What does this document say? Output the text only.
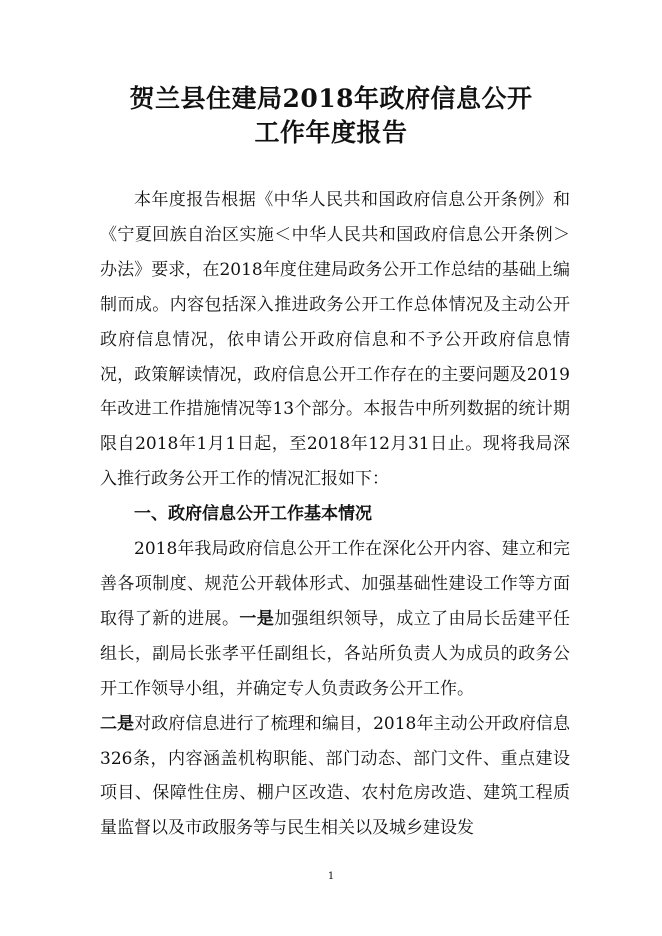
贺兰县住建局2018年政府信息公开
工作年度报告

本年度报告根据《中华人民共和国政府信息公开条例》和《宁夏回族自治区实施＜中华人民共和国政府信息公开条例＞办法》要求，在2018年度住建局政务公开工作总结的基础上编制而成。内容包括深入推进政务公开工作总体情况及主动公开政府信息情况，依申请公开政府信息和不予公开政府信息情况，政策解读情况，政府信息公开工作存在的主要问题及2019年改进工作措施情况等13个部分。本报告中所列数据的统计期限自2018年1月1日起，至2018年12月31日止。现将我局深入推行政务公开工作的情况汇报如下：

一、政府信息公开工作基本情况

2018年我局政府信息公开工作在深化公开内容、建立和完善各项制度、规范公开载体形式、加强基础性建设工作等方面取得了新的进展。一是加强组织领导，成立了由局长岳建平任组长，副局长张孝平任副组长，各站所负责人为成员的政务公开工作领导小组，并确定专人负责政务公开工作。

二是对政府信息进行了梳理和编目，2018年主动公开政府信息326条，内容涵盖机构职能、部门动态、部门文件、重点建设项目、保障性住房、棚户区改造、农村危房改造、建筑工程质量监督以及市政服务等与民生相关以及城乡建设发

1
